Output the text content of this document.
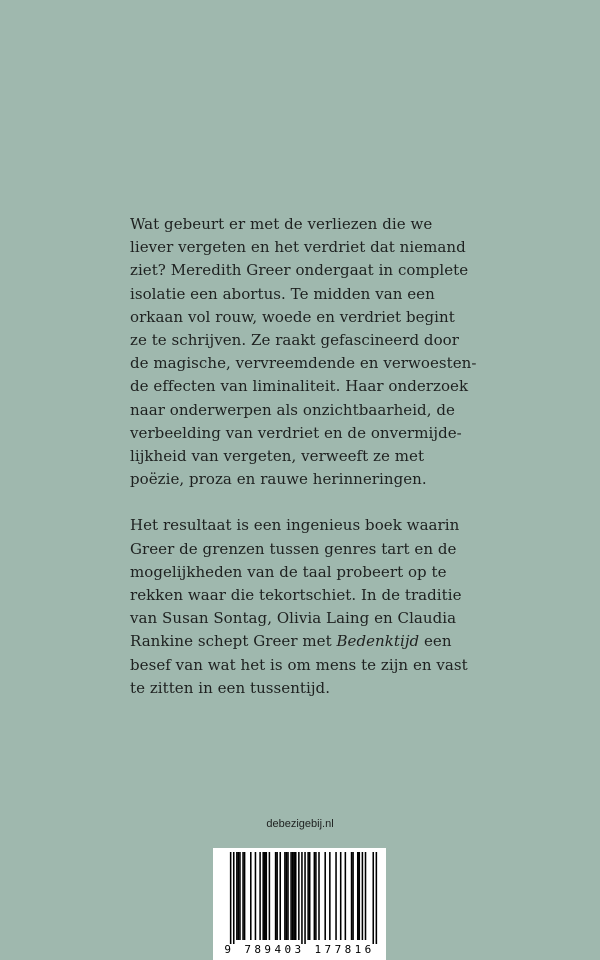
Wat gebeurt er met de verliezen die we
liever vergeten en het verdriet dat niemand
ziet? Meredith Greer ondergaat in complete
isolatie een abortus. Te midden van een
orkaan vol rouw, woede en verdriet begint
ze te schrijven. Ze raakt gefascineerd door
de magische, vervreemdende en verwoesten-
de effecten van liminaliteit. Haar onderzoek
naar onderwerpen als onzichtbaarheid, de
verbeelding van verdriet en de onvermijde-
lijkheid van vergeten, verweeft ze met
poëzie, proza en rauwe herinneringen.
Het resultaat is een ingenieus boek waarin
Greer de grenzen tussen genres tart en de
mogelijkheden van de taal probeert op te
rekken waar die tekortschiet. In de traditie
van Susan Sontag, Olivia Laing en Claudia
Rankine schept Greer met Bedenktijd een
besef van wat het is om mens te zijn en vast
te zitten in een tussentijd.
debezigebij.nl
9 789403 177816
